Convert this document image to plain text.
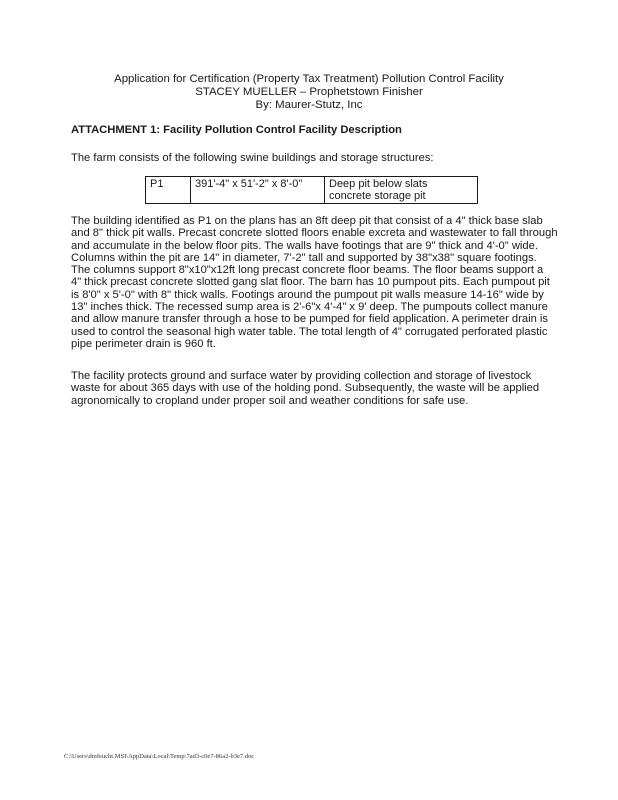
Application for Certification (Property Tax Treatment) Pollution Control Facility
STACEY MUELLER – Prophetstown Finisher
By: Maurer-Stutz, Inc
ATTACHMENT 1: Facility Pollution Control Facility Description
The farm consists of the following swine buildings and storage structures:
P1	391'-4" x 51'-2" x 8'-0"	Deep pit below slats
concrete storage pit
The building identified as P1 on the plans has an 8ft deep pit that consist of a 4" thick base slab
and 8" thick pit walls. Precast concrete slotted floors enable excreta and wastewater to fall through
and accumulate in the below floor pits. The walls have footings that are 9" thick and 4'-0" wide.
Columns within the pit are 14" in diameter, 7'-2" tall and supported by 38"x38" square footings.
The columns support 8"x10"x12ft long precast concrete floor beams. The floor beams support a
4" thick precast concrete slotted gang slat floor. The barn has 10 pumpout pits. Each pumpout pit
is 8'0" x 5'-0" with 8" thick walls. Footings around the pumpout pit walls measure 14-16" wide by
13" inches thick. The recessed sump area is 2'-6"x 4'-4" x 9' deep. The pumpouts collect manure
and allow manure transfer through a hose to be pumped for field application. A perimeter drain is
used to control the seasonal high water table. The total length of 4" corrugated perforated plastic
pipe perimeter drain is 960 ft.
The facility protects ground and surface water by providing collection and storage of livestock
waste for about 365 days with use of the holding pond. Subsequently, the waste will be applied
agronomically to cropland under proper soil and weather conditions for safe use.
C:\Users\dmfeucht.MSI\AppData\Local\Temp\7ad3-c0e7-86a2-b3e7.doc
